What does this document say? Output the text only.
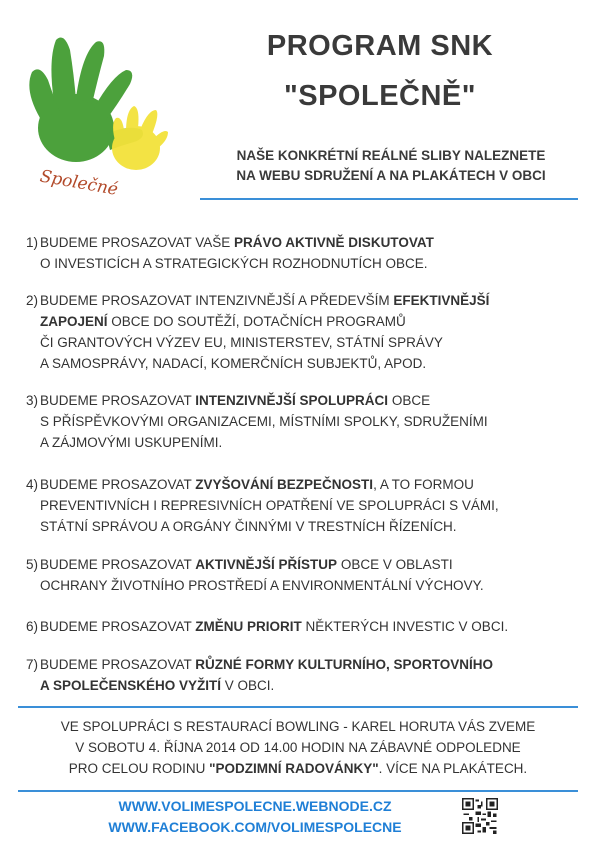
Společné
PROGRAM SNK
"SPOLEČNĚ"
NAŠE KONKRÉTNÍ REÁLNÉ SLIBY NALEZNETE
NA WEBU SDRUŽENÍ A NA PLAKÁTECH V OBCI
1) BUDEME PROSAZOVAT VAŠE PRÁVO AKTIVNĚ DISKUTOVAT
O INVESTICÍCH A STRATEGICKÝCH ROZHODNUTÍCH OBCE.
2) BUDEME PROSAZOVAT INTENZIVNĚJŠÍ A PŘEDEVŠÍM EFEKTIVNĚJŠÍ
ZAPOJENÍ OBCE DO SOUTĚŽÍ, DOTAČNÍCH PROGRAMŮ
ČI GRANTOVÝCH VÝZEV EU, MINISTERSTEV, STÁTNÍ SPRÁVY
A SAMOSPRÁVY, NADACÍ, KOMERČNÍCH SUBJEKTŮ, APOD.
3) BUDEME PROSAZOVAT INTENZIVNĚJŠÍ SPOLUPRÁCI OBCE
S PŘÍSPĚVKOVÝMI ORGANIZACEMI, MÍSTNÍMI SPOLKY, SDRUŽENÍMI
A ZÁJMOVÝMI USKUPENÍMI.
4) BUDEME PROSAZOVAT ZVYŠOVÁNÍ BEZPEČNOSTI, A TO FORMOU
PREVENTIVNÍCH I REPRESIVNÍCH OPATŘENÍ VE SPOLUPRÁCI S VÁMI,
STÁTNÍ SPRÁVOU A ORGÁNY ČINNÝMI V TRESTNÍCH ŘÍZENÍCH.
5) BUDEME PROSAZOVAT AKTIVNĚJŠÍ PŘÍSTUP OBCE V OBLASTI
OCHRANY ŽIVOTNÍHO PROSTŘEDÍ A ENVIRONMENTÁLNÍ VÝCHOVY.
6) BUDEME PROSAZOVAT ZMĚNU PRIORIT NĚKTERÝCH INVESTIC V OBCI.
7) BUDEME PROSAZOVAT RŮZNÉ FORMY KULTURNÍHO, SPORTOVNÍHO
A SPOLEČENSKÉHO VYŽITÍ V OBCI.
VE SPOLUPRÁCI S RESTAURACÍ BOWLING - KAREL HORUTA VÁS ZVEME
V SOBOTU 4. ŘÍJNA 2014 OD 14.00 HODIN NA ZÁBAVNÉ ODPOLEDNE
PRO CELOU RODINU "PODZIMNÍ RADOVÁNKY". VÍCE NA PLAKÁTECH.
WWW.VOLIMESPOLECNE.WEBNODE.CZ
WWW.FACEBOOK.COM/VOLIMESPOLECNE
